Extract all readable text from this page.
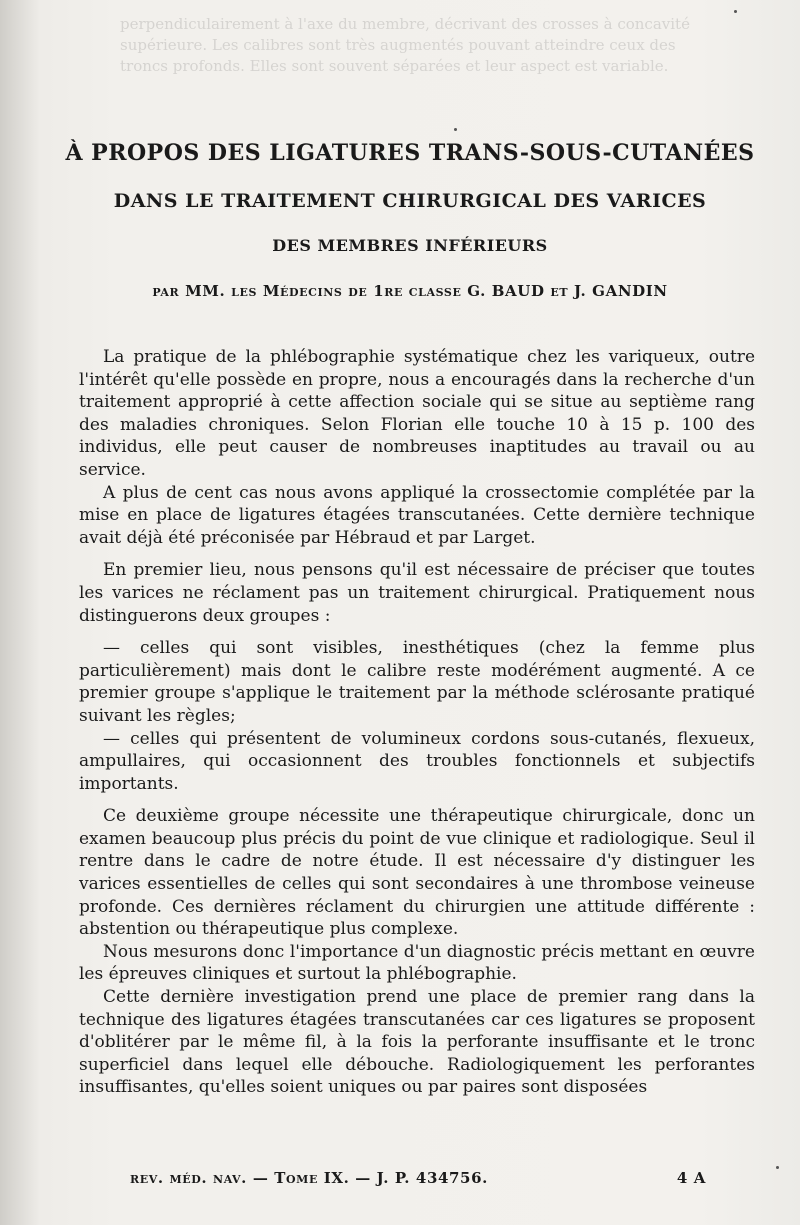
perpendiculairement à l'axe du membre, décrivant des crosses à concavité

supérieure. Les calibres sont très augmentés pouvant atteindre ceux des

troncs profonds. Elles sont souvent séparées et leur aspect est variable.

À PROPOS DES LIGATURES TRANS-SOUS-CUTANÉES
DANS LE TRAITEMENT CHIRURGICAL DES VARICES
DES MEMBRES INFÉRIEURS
par MM. les Médecins de 1re classe G. BAUD et J. GANDIN

La pratique de la phlébographie systématique chez les variqueux, outre l'intérêt qu'elle possède en propre, nous a encouragés dans la recherche d'un traitement approprié à cette affection sociale qui se situe au septième rang des maladies chroniques. Selon Florian elle touche 10 à 15 p. 100 des individus, elle peut causer de nombreuses inaptitudes au travail ou au service.

A plus de cent cas nous avons appliqué la crossectomie complétée par la mise en place de ligatures étagées transcutanées. Cette dernière technique avait déjà été préconisée par Hébraud et par Larget.

En premier lieu, nous pensons qu'il est nécessaire de préciser que toutes les varices ne réclament pas un traitement chirurgical. Pratiquement nous distinguerons deux groupes :

— celles qui sont visibles, inesthétiques (chez la femme plus particulièrement) mais dont le calibre reste modérément augmenté. A ce premier groupe s'applique le traitement par la méthode sclérosante pratiqué suivant les règles;

— celles qui présentent de volumineux cordons sous-cutanés, flexueux, ampullaires, qui occasionnent des troubles fonctionnels et subjectifs importants.

Ce deuxième groupe nécessite une thérapeutique chirurgicale, donc un examen beaucoup plus précis du point de vue clinique et radiologique. Seul il rentre dans le cadre de notre étude. Il est nécessaire d'y distinguer les varices essentielles de celles qui sont secondaires à une thrombose veineuse profonde. Ces dernières réclament du chirurgien une attitude différente : abstention ou thérapeutique plus complexe.

Nous mesurons donc l'importance d'un diagnostic précis mettant en œuvre les épreuves cliniques et surtout la phlébographie.

Cette dernière investigation prend une place de premier rang dans la technique des ligatures étagées transcutanées car ces ligatures se proposent d'oblitérer par le même fil, à la fois la perforante insuffisante et le tronc superficiel dans lequel elle débouche. Radiologiquement les perforantes insuffisantes, qu'elles soient uniques ou par paires sont disposées

rev. méd. nav. — Tome IX. — J. P. 434756.	4 A
